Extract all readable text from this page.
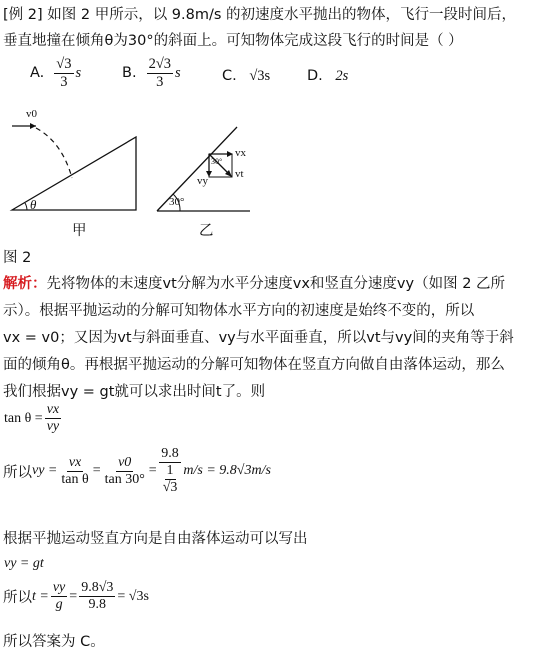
[例 2] 如图 2 甲所示，以 9.8m/s 的初速度水平抛出的物体，飞行一段时间后，
垂直地撞在倾角θ为30°的斜面上。可知物体完成这段飞行的时间是（ ）
A. $\frac{√3}{3}$ s	B. $\frac{2√3}{3}$ s	C. √3s	D. 2s
v0
θ
甲
vx
vy
vt
30°
30°
乙
图 2
解析：先将物体的末速度vt分解为水平分速度vx和竖直分速度vy（如图 2 乙所
示）。根据平抛运动的分解可知物体水平方向的初速度是始终不变的，所以
vx = v0；又因为vt与斜面垂直、vy与水平面垂直，所以vt与vy间的夹角等于斜
面的倾角θ。再根据平抛运动的分解可知物体在竖直方向做自由落体运动，那么
我们根据vy = gt就可以求出时间t了。则
$\tan \theta = \frac{vx}{vy}$
所以 vy = $\frac{vx}{\text{tan θ}} = \frac{v0}{\tan 30^\circ} = \frac{9.8}{\frac{1}{√3}} m/s = 9.8√3m/s$
根据平抛运动竖直方向是自由落体运动可以写出
vy = gt
所以 $t = \frac{vy}{g} = \frac{9.8√3}{9.8} = √3s$
所以答案为 C。
